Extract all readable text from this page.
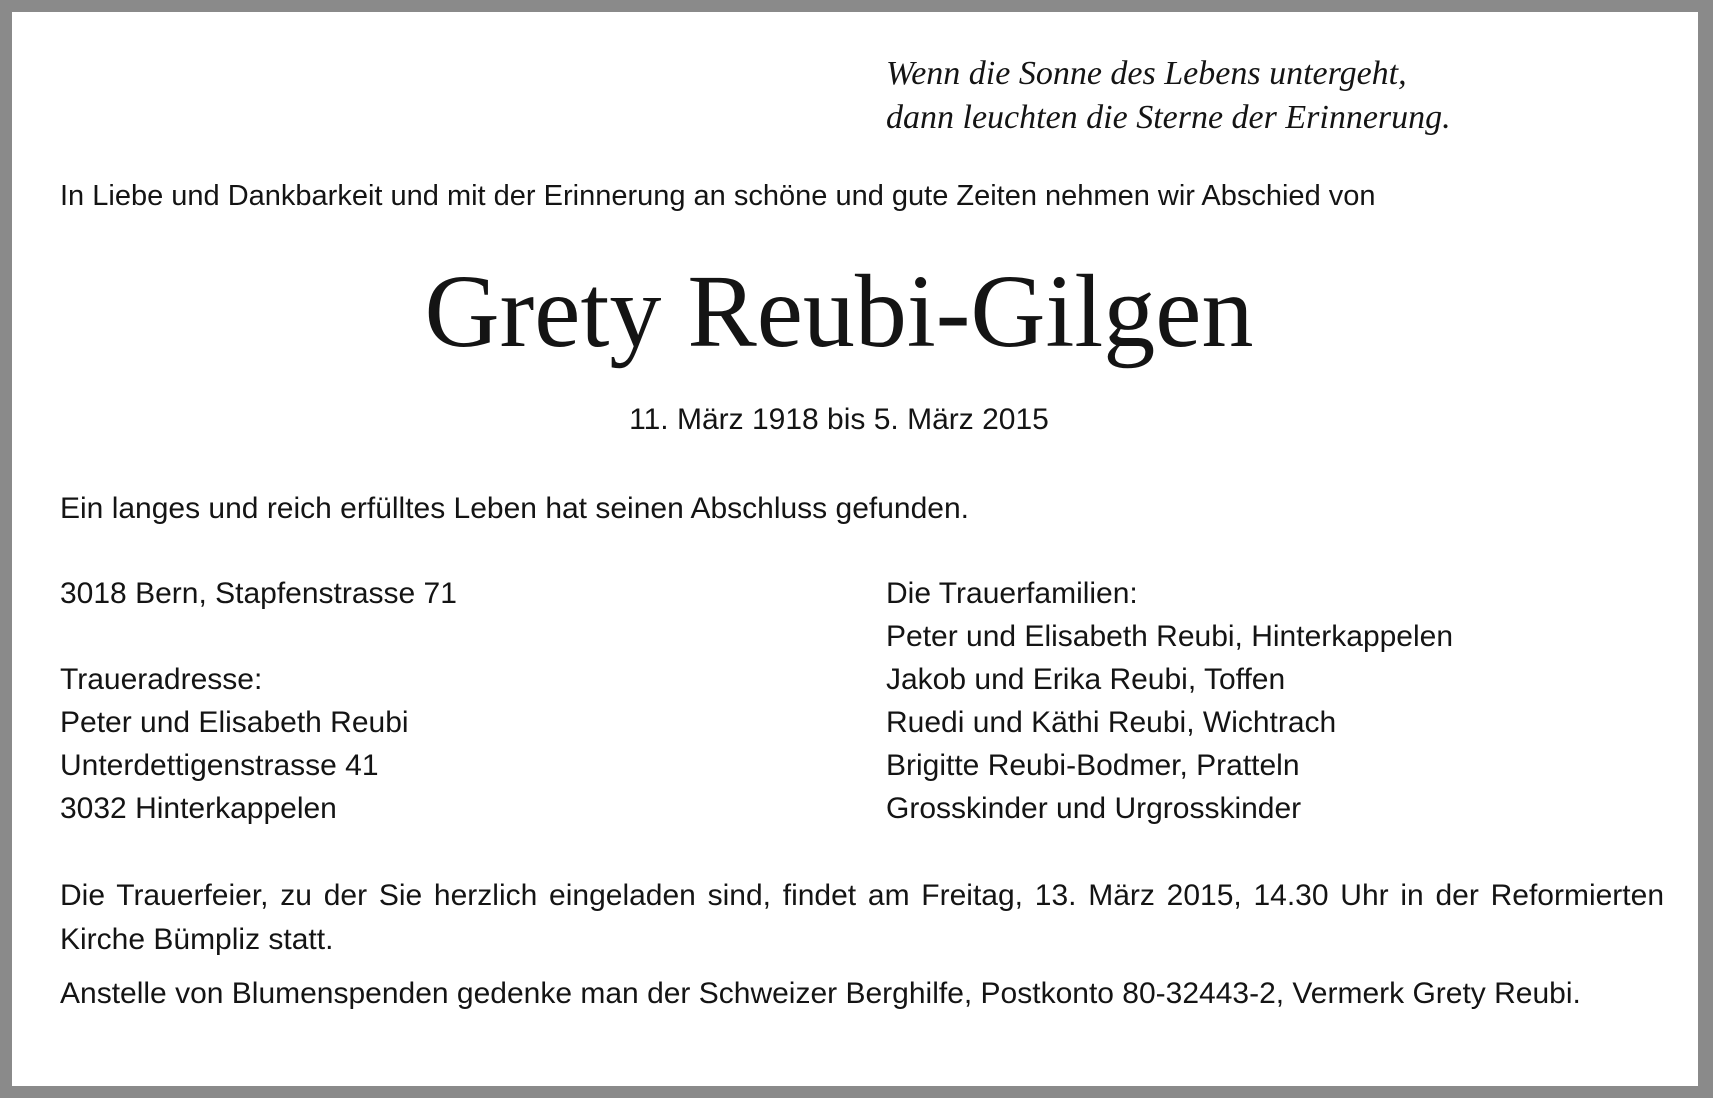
Wenn die Sonne des Lebens untergeht,
dann leuchten die Sterne der Erinnerung.
In Liebe und Dankbarkeit und mit der Erinnerung an schöne und gute Zeiten nehmen wir Abschied von
Grety Reubi-Gilgen
11. März 1918 bis 5. März 2015
Ein langes und reich erfülltes Leben hat seinen Abschluss gefunden.
3018 Bern, Stapfenstrasse 71
Traueradresse:
Peter und Elisabeth Reubi
Unterdettigenstrasse 41
3032 Hinterkappelen
Die Trauerfamilien:
Peter und Elisabeth Reubi, Hinterkappelen
Jakob und Erika Reubi, Toffen
Ruedi und Käthi Reubi, Wichtrach
Brigitte Reubi-Bodmer, Pratteln
Grosskinder und Urgrosskinder
Die Trauerfeier, zu der Sie herzlich eingeladen sind, findet am Freitag, 13. März 2015, 14.30 Uhr in der Reformierten Kirche Bümpliz statt.
Anstelle von Blumenspenden gedenke man der Schweizer Berghilfe, Postkonto 80-32443-2, Vermerk Grety Reubi.
